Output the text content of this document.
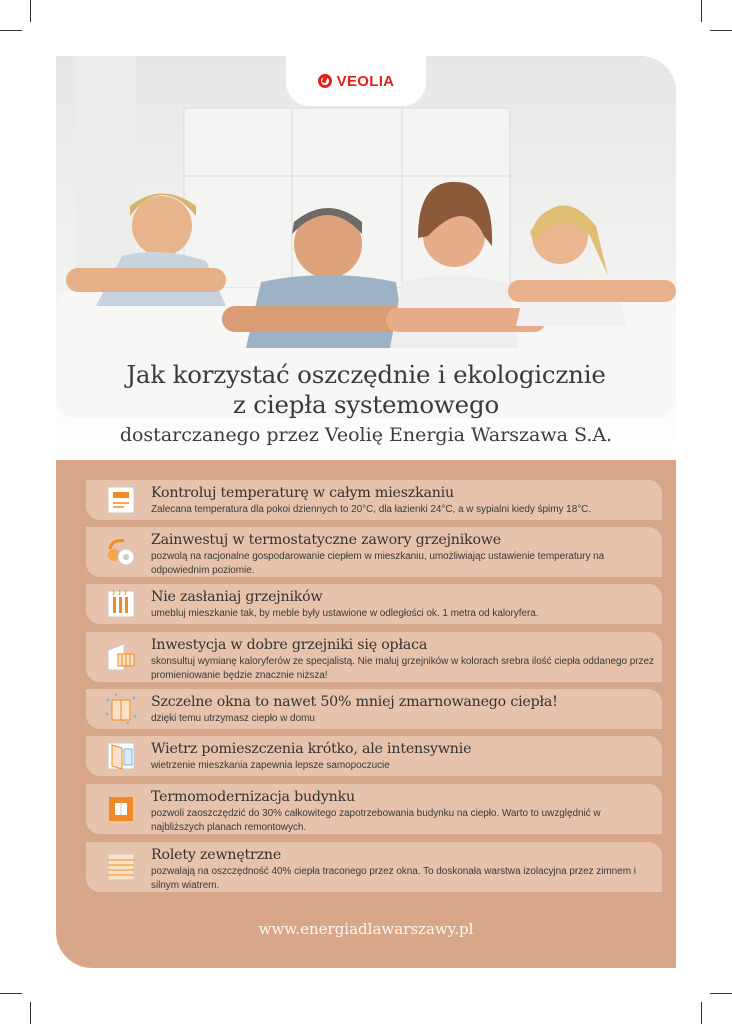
VEOLIA
Jak korzystać oszczędnie i ekologicznie
z ciepła systemowego
dostarczanego przez Veolię Energia Warszawa S.A.
Kontroluj temperaturę w całym mieszkaniu
Zalecana temperatura dla pokoi dziennych to 20°C, dla łazienki 24°C, a w sypialni kiedy śpimy 18°C.
Zainwestuj w termostatyczne zawory grzejnikowe
pozwolą na racjonalne gospodarowanie ciepłem w mieszkaniu, umożliwiając ustawienie temperatury na odpowiednim poziomie.
Nie zasłaniaj grzejników
umebluj mieszkanie tak, by meble były ustawione w odległości ok. 1 metra od kaloryfera.
Inwestycja w dobre grzejniki się opłaca
skonsultuj wymianę kaloryferów ze specjalistą. Nie maluj grzejników w kolorach srebra ilość ciepła oddanego przez promieniowanie będzie znacznie niższa!
Szczelne okna to nawet 50% mniej zmarnowanego ciepła!
dzięki temu utrzymasz ciepło w domu
Wietrz pomieszczenia krótko, ale intensywnie
wietrzenie mieszkania zapewnia lepsze samopoczucie
Termomodernizacja budynku
pozwoli zaoszczędzić do 30% całkowitego zapotrzebowania budynku na ciepło. Warto to uwzględnić w najbliższych planach remontowych.
Rolety zewnętrzne
pozwalają na oszczędność 40% ciepła traconego przez okna. To doskonała warstwa izolacyjna przez zimnem i silnym wiatrem.
www.energiadlawarszawy.pl
